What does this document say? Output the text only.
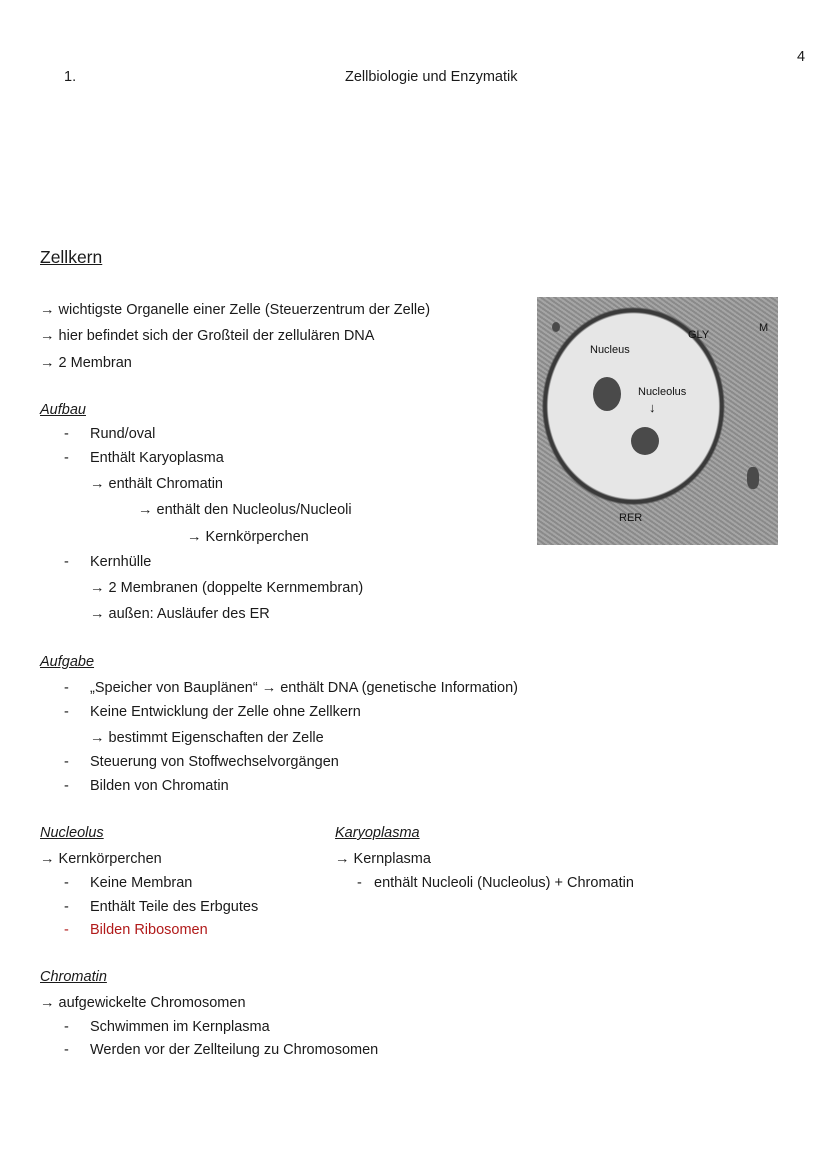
4
1.	Zellbiologie und Enzymatik
Zellkern
→ wichtigste Organelle einer Zelle (Steuerzentrum der Zelle)
→ hier befindet sich der Großteil der zellulären DNA
→ 2 Membran
Nucleus
Nucleolus
↓
GLY
M
RER
Aufbau
- Rund/oval
- Enthält Karyoplasma
→ enthält Chromatin
→ enthält den Nucleolus/Nucleoli
→ Kernkörperchen
- Kernhülle
→ 2 Membranen (doppelte Kernmembran)
→ außen: Ausläufer des ER
Aufgabe
- „Speicher von Bauplänen“ → enthält DNA (genetische Information)
- Keine Entwicklung der Zelle ohne Zellkern
→ bestimmt Eigenschaften der Zelle
- Steuerung von Stoffwechselvorgängen
- Bilden von Chromatin
Nucleolus
→ Kernkörperchen
- Keine Membran
- Enthält Teile des Erbgutes
- Bilden Ribosomen
Karyoplasma
→ Kernplasma
- enthält Nucleoli (Nucleolus) + Chromatin
Chromatin
→ aufgewickelte Chromosomen
- Schwimmen im Kernplasma
- Werden vor der Zellteilung zu Chromosomen
